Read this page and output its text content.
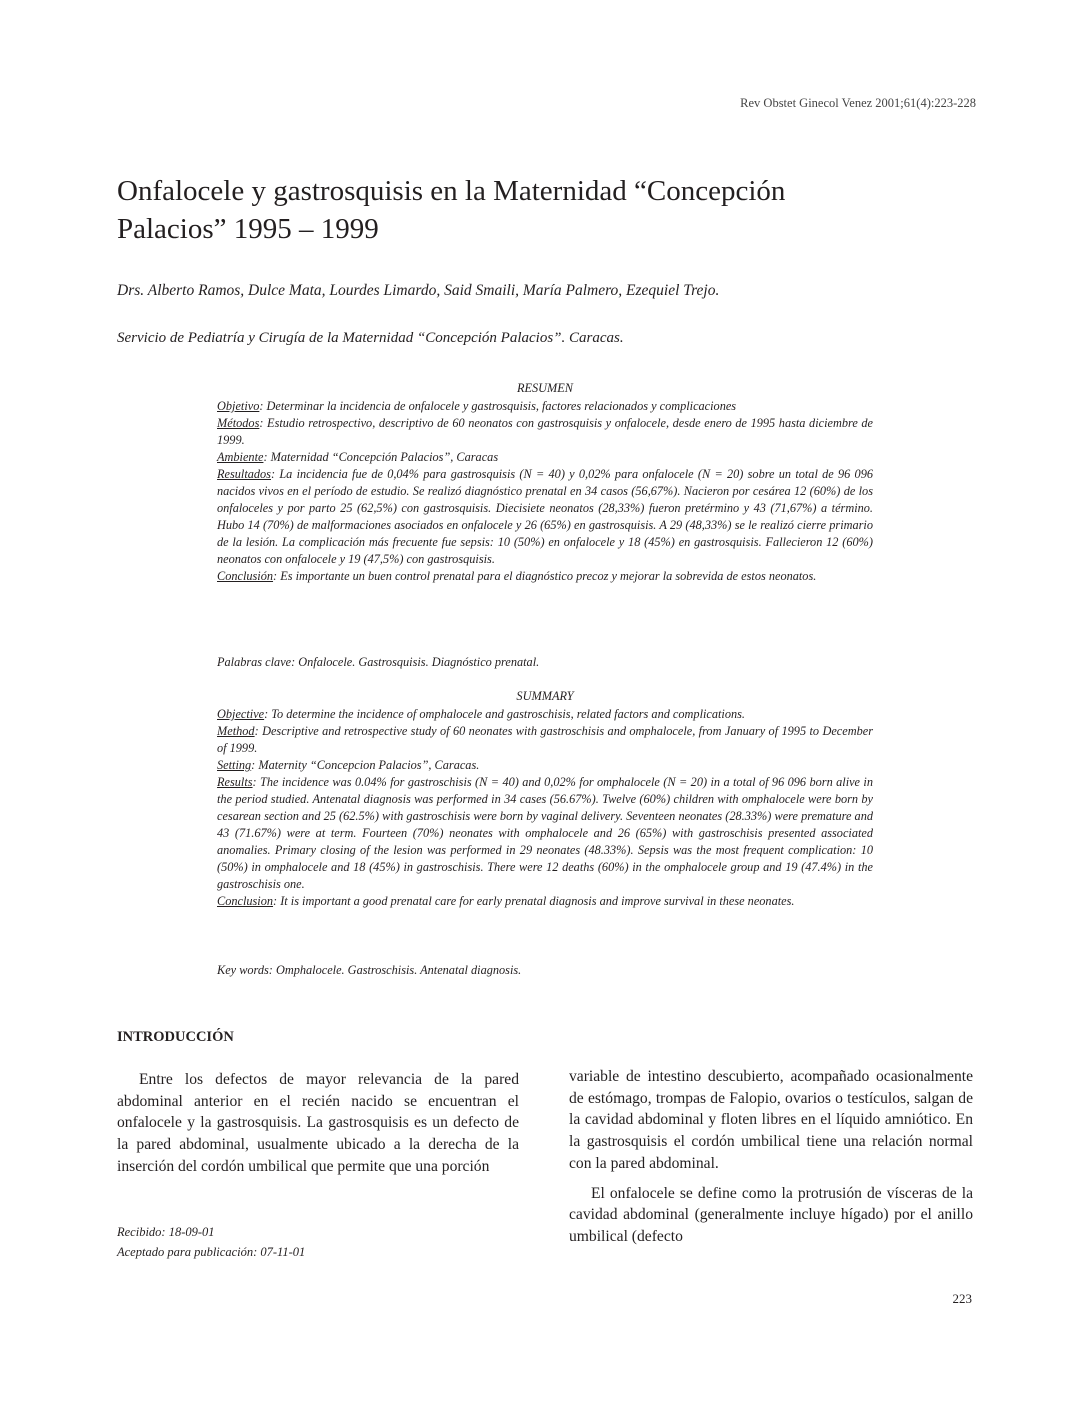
Rev Obstet Ginecol Venez 2001;61(4):223-228
Onfalocele y gastrosquisis en la Maternidad “Concepción
Palacios” 1995 – 1999
Drs. Alberto Ramos, Dulce Mata, Lourdes Limardo, Said Smaili, María Palmero, Ezequiel Trejo.
Servicio de Pediatría y Cirugía de la Maternidad “Concepción Palacios”. Caracas.

RESUMEN

Objetivo: Determinar la incidencia de onfalocele y gastrosquisis, factores relacionados y complicaciones

Métodos: Estudio retrospectivo, descriptivo de 60 neonatos con gastrosquisis y onfalocele, desde enero de 1995 hasta diciembre de 1999.

Ambiente: Maternidad “Concepción Palacios”, Caracas

Resultados: La incidencia fue de 0,04% para gastrosquisis (N = 40) y 0,02% para onfalocele (N = 20) sobre un total de 96 096 nacidos vivos en el período de estudio. Se realizó diagnóstico prenatal en 34 casos (56,67%). Nacieron por cesárea 12 (60%) de los onfaloceles y por parto 25 (62,5%) con gastrosquisis. Diecisiete neonatos (28,33%) fueron pretérmino y 43 (71,67%) a término. Hubo 14 (70%) de malformaciones asociados en onfalocele y 26 (65%) en gastrosquisis. A 29 (48,33%) se le realizó cierre primario de la lesión. La complicación más frecuente fue sepsis: 10 (50%) en onfalocele y 18 (45%) en gastrosquisis. Fallecieron 12 (60%) neonatos con onfalocele y 19 (47,5%) con gastrosquisis.

Conclusión: Es importante un buen control prenatal para el diagnóstico precoz y mejorar la sobrevida de estos neonatos.

Palabras clave: Onfalocele. Gastrosquisis. Diagnóstico prenatal.

SUMMARY

Objective: To determine the incidence of omphalocele and gastroschisis, related factors and complications.

Method: Descriptive and retrospective study of 60 neonates with gastroschisis and omphalocele, from January of 1995 to December of 1999.

Setting: Maternity “Concepcion Palacios”, Caracas.

Results: The incidence was 0.04% for gastroschisis (N = 40) and 0,02% for omphalocele (N = 20) in a total of 96 096 born alive in the period studied. Antenatal diagnosis was performed in 34 cases (56.67%). Twelve (60%) children with omphalocele were born by cesarean section and 25 (62.5%) with gastroschisis were born by vaginal delivery. Seventeen neonates (28.33%) were premature and 43 (71.67%) were at term. Fourteen (70%) neonates with omphalocele and 26 (65%) with gastroschisis presented associated anomalies. Primary closing of the lesion was performed in 29 neonates (48.33%). Sepsis was the most frequent complication: 10 (50%) in omphalocele and 18 (45%) in gastroschisis. There were 12 deaths (60%) in the omphalocele group and 19 (47.4%) in the gastroschisis one.

Conclusion: It is important a good prenatal care for early prenatal diagnosis and improve survival in these neonates.

Key words: Omphalocele. Gastroschisis. Antenatal diagnosis.
INTRODUCCIÓN

Entre los defectos de mayor relevancia de la pared abdominal anterior en el recién nacido se encuentran el onfalocele y la gastrosquisis. La gastrosquisis es un defecto de la pared abdominal, usualmente ubicado a la derecha de la inserción del cordón umbilical que permite que una porción

variable de intestino descubierto, acompañado ocasionalmente de estómago, trompas de Falopio, ovarios o testículos, salgan de la cavidad abdominal y floten libres en el líquido amniótico. En la gastrosquisis el cordón umbilical tiene una relación normal con la pared abdominal.

El onfalocele se define como la protrusión de vísceras de la cavidad abdominal (generalmente incluye hígado) por el anillo umbilical (defecto

Recibido: 18-09-01
Aceptado para publicación: 07-11-01
223
